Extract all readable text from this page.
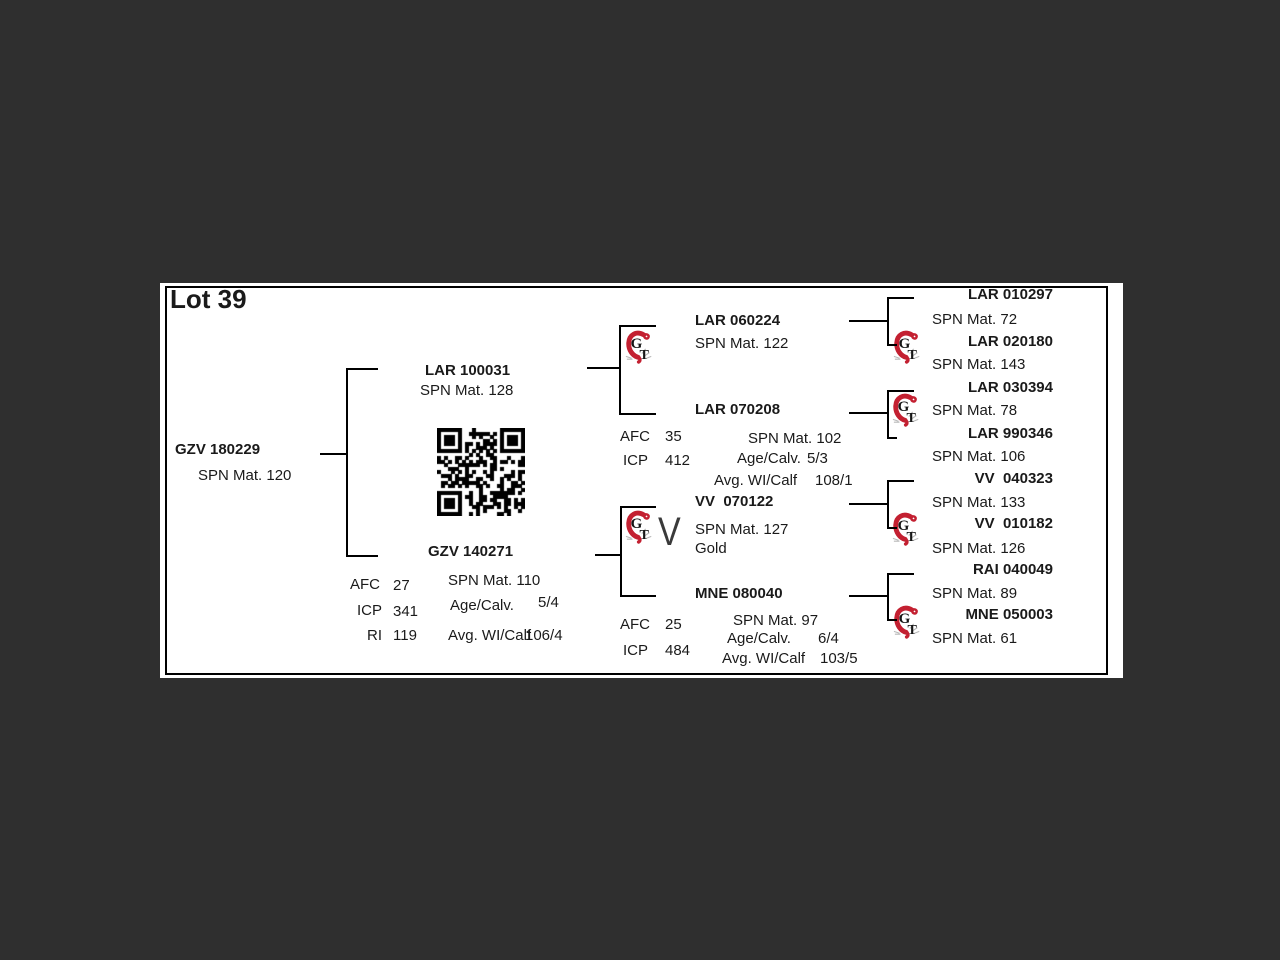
Lot 39
GZV 180229
SPN Mat. 120
LAR 100031
SPN Mat. 128
GZV 140271
AFC 27
ICP 341
RI 119
SPN Mat. 110
Age/Calv. 5/4
Avg. WI/Calf
106/4
LAR 060224
SPN Mat. 122
LAR 070208
AFC 35
ICP 412
SPN Mat. 102
Age/Calv. 5/3
Avg. WI/Calf 108/1
V
VV  070122
SPN Mat. 127
Gold
MNE 080040
AFC 25
ICP 484
SPN Mat. 97
Age/Calv. 6/4
Avg. WI/Calf 103/5
LAR 010297
SPN Mat. 72
LAR 020180
SPN Mat. 143
LAR 030394
SPN Mat. 78
LAR 990346
SPN Mat. 106
VV  040323
SPN Mat. 133
VV  010182
SPN Mat. 126
RAI 040049
SPN Mat. 89
MNE 050003
SPN Mat. 61
